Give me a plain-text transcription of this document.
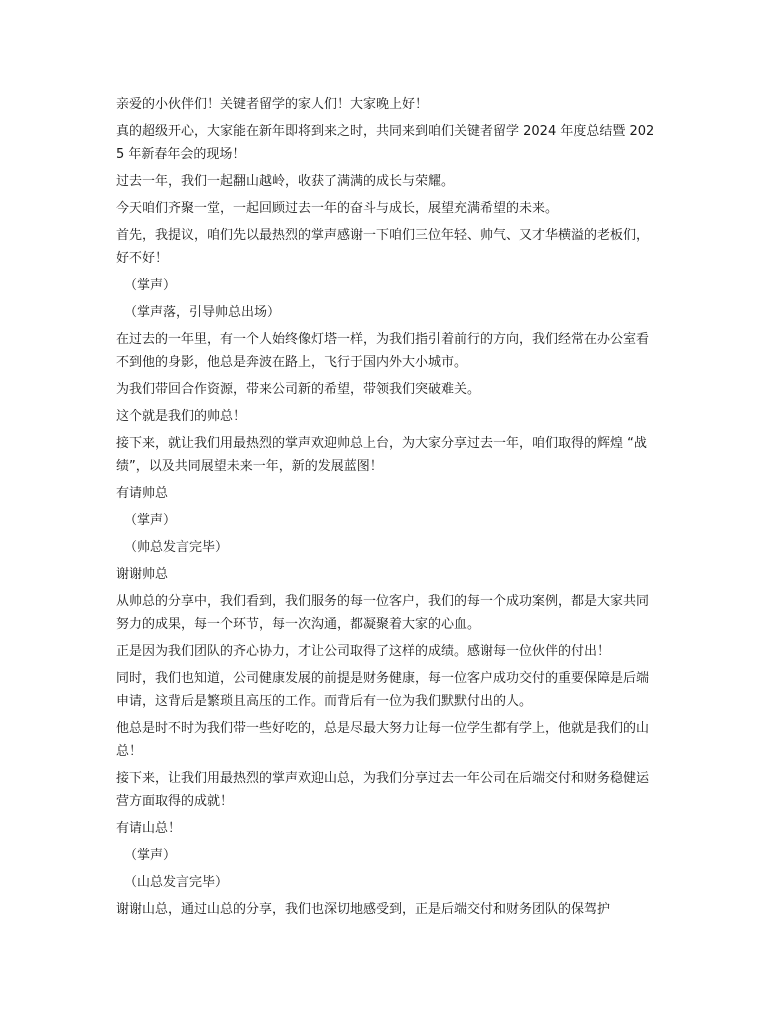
亲爱的小伙伴们！关键者留学的家人们！大家晚上好！

真的超级开心，大家能在新年即将到来之时，共同来到咱们关键者留学 2024 年度总结暨 2025 年新春年会的现场！

过去一年，我们一起翻山越岭，收获了满满的成长与荣耀。

今天咱们齐聚一堂，一起回顾过去一年的奋斗与成长，展望充满希望的未来。

首先，我提议，咱们先以最热烈的掌声感谢一下咱们三位年轻、帅气、又才华横溢的老板们，好不好！

（掌声）

（掌声落，引导帅总出场）

在过去的一年里，有一个人始终像灯塔一样，为我们指引着前行的方向，我们经常在办公室看不到他的身影，他总是奔波在路上，飞行于国内外大小城市。

为我们带回合作资源，带来公司新的希望，带领我们突破难关。

这个就是我们的帅总！

接下来，就让我们用最热烈的掌声欢迎帅总上台，为大家分享过去一年，咱们取得的辉煌 “战绩”，以及共同展望未来一年，新的发展蓝图！

有请帅总

（掌声）

（帅总发言完毕）

谢谢帅总

从帅总的分享中，我们看到，我们服务的每一位客户，我们的每一个成功案例，都是大家共同努力的成果，每一个环节，每一次沟通，都凝聚着大家的心血。

正是因为我们团队的齐心协力，才让公司取得了这样的成绩。感谢每一位伙伴的付出！

同时，我们也知道，公司健康发展的前提是财务健康，每一位客户成功交付的重要保障是后端申请，这背后是繁琐且高压的工作。而背后有一位为我们默默付出的人。

他总是时不时为我们带一些好吃的，总是尽最大努力让每一位学生都有学上，他就是我们的山总！

接下来，让我们用最热烈的掌声欢迎山总，为我们分享过去一年公司在后端交付和财务稳健运营方面取得的成就！

有请山总！

（掌声）

（山总发言完毕）

谢谢山总，通过山总的分享，我们也深切地感受到，正是后端交付和财务团队的保驾护
